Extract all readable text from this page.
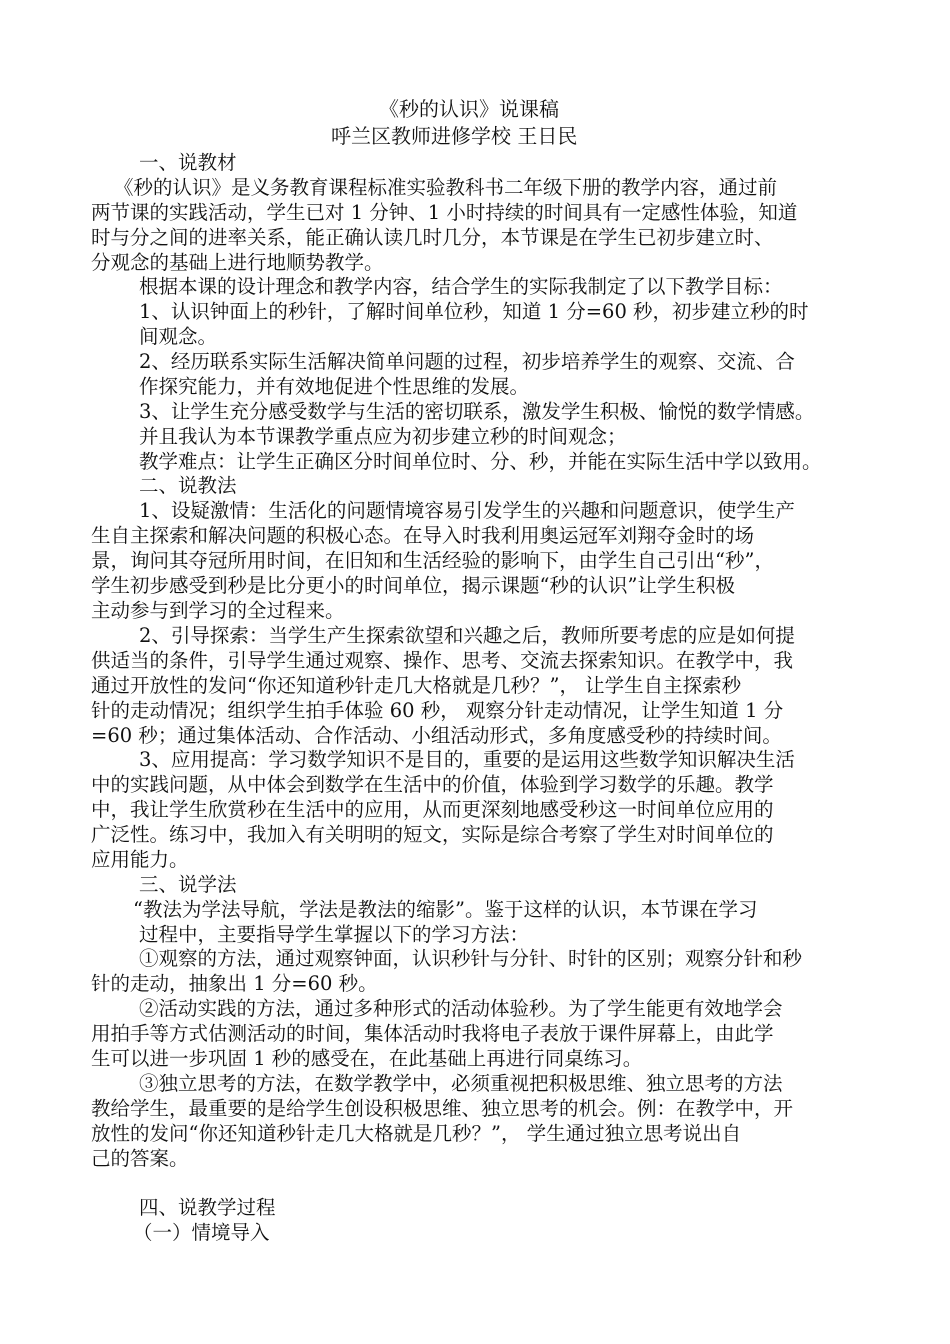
《秒的认识》说课稿
呼兰区教师进修学校 王日民
一、说教材
《秒的认识》是义务教育课程标准实验教科书二年级下册的教学内容，通过前
两节课的实践活动，学生已对 1 分钟、1 小时持续的时间具有一定感性体验，知道
时与分之间的进率关系，能正确认读几时几分，本节课是在学生已初步建立时、
分观念的基础上进行地顺势教学。
根据本课的设计理念和教学内容，结合学生的实际我制定了以下教学目标：
1、认识钟面上的秒针，了解时间单位秒，知道 1 分=60 秒，初步建立秒的时
间观念。
2、经历联系实际生活解决简单问题的过程，初步培养学生的观察、交流、合
作探究能力，并有效地促进个性思维的发展。
3、让学生充分感受数学与生活的密切联系，激发学生积极、愉悦的数学情感。
并且我认为本节课教学重点应为初步建立秒的时间观念；
教学难点：让学生正确区分时间单位时、分、秒，并能在实际生活中学以致用。
二、说教法
1、设疑激情：生活化的问题情境容易引发学生的兴趣和问题意识，使学生产
生自主探索和解决问题的积极心态。在导入时我利用奥运冠军刘翔夺金时的场
景，询问其夺冠所用时间，在旧知和生活经验的影响下，由学生自己引出“秒”，
学生初步感受到秒是比分更小的时间单位，揭示课题“秒的认识”让学生积极
主动参与到学习的全过程来。
2、引导探索：当学生产生探索欲望和兴趣之后，教师所要考虑的应是如何提
供适当的条件，引导学生通过观察、操作、思考、交流去探索知识。在教学中，我
通过开放性的发问“你还知道秒针走几大格就是几秒？”， 让学生自主探索秒
针的走动情况；组织学生拍手体验 60 秒， 观察分针走动情况，让学生知道 1 分
=60 秒；通过集体活动、合作活动、小组活动形式，多角度感受秒的持续时间。
3、应用提高：学习数学知识不是目的，重要的是运用这些数学知识解决生活
中的实践问题，从中体会到数学在生活中的价值，体验到学习数学的乐趣。教学
中，我让学生欣赏秒在生活中的应用，从而更深刻地感受秒这一时间单位应用的
广泛性。练习中，我加入有关明明的短文，实际是综合考察了学生对时间单位的
应用能力。
三、说学法
“教法为学法导航，学法是教法的缩影”。鉴于这样的认识，本节课在学习
过程中，主要指导学生掌握以下的学习方法：
①观察的方法，通过观察钟面，认识秒针与分针、时针的区别；观察分针和秒
针的走动，抽象出 1 分=60 秒。
②活动实践的方法，通过多种形式的活动体验秒。为了学生能更有效地学会
用拍手等方式估测活动的时间，集体活动时我将电子表放于课件屏幕上，由此学
生可以进一步巩固 1 秒的感受在，在此基础上再进行同桌练习。
③独立思考的方法，在数学教学中，必须重视把积极思维、独立思考的方法
教给学生，最重要的是给学生创设积极思维、独立思考的机会。例：在教学中，开
放性的发问“你还知道秒针走几大格就是几秒？”， 学生通过独立思考说出自
己的答案。
四、说教学过程
（一）情境导入
